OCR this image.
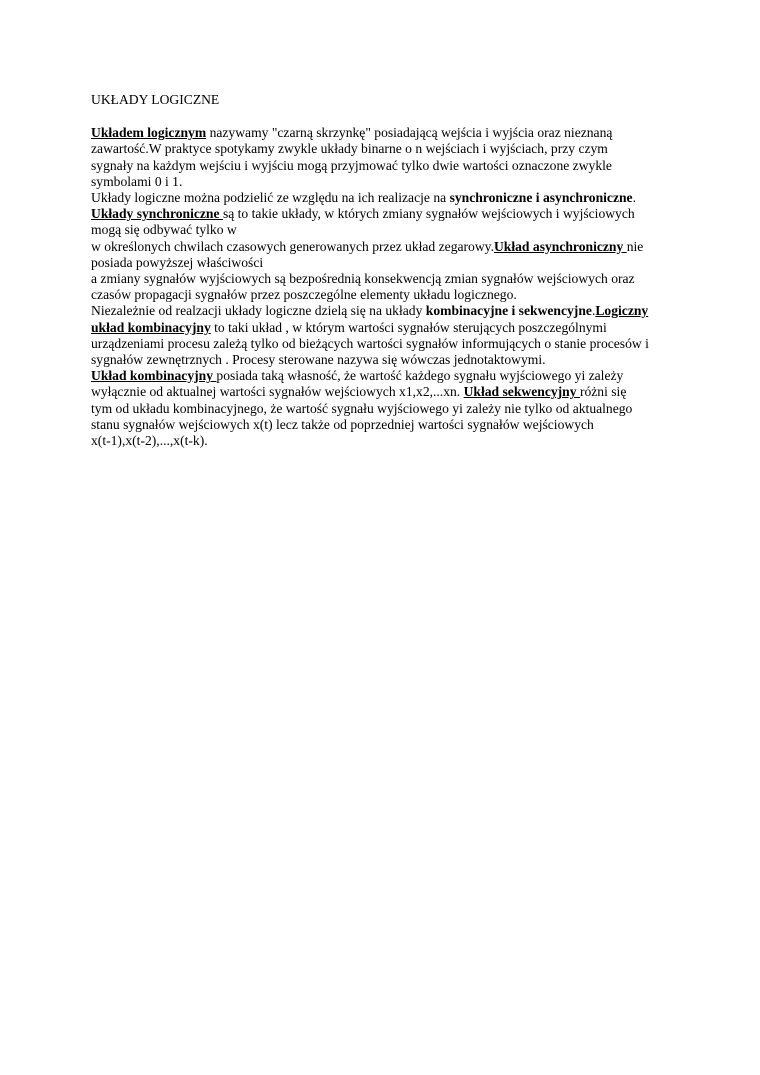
UKŁADY LOGICZNE
Układem logicznym nazywamy "czarną skrzynkę" posiadającą wejścia i wyjścia oraz nieznaną
zawartość.W praktyce spotykamy zwykle układy binarne o n wejściach i wyjściach, przy czym
sygnały na każdym wejściu i wyjściu mogą przyjmować tylko dwie wartości oznaczone zwykle
symbolami 0 i 1.
Układy logiczne można podzielić ze względu na ich realizacje na synchroniczne i asynchroniczne.
Układy synchroniczne są to takie układy, w których zmiany sygnałów wejściowych i wyjściowych
mogą się odbywać tylko w
w określonych chwilach czasowych generowanych przez układ zegarowy.Układ asynchroniczny nie
posiada powyższej właściwości
a zmiany sygnałów wyjściowych są bezpośrednią konsekwencją zmian sygnałów wejściowych oraz
czasów propagacji sygnałów przez poszczególne elementy układu logicznego.
Niezależnie od realzacji układy logiczne dzielą się na układy kombinacyjne i sekwencyjne.Logiczny
układ kombinacyjny to taki układ , w którym wartości sygnałów sterujących poszczególnymi
urządzeniami procesu zależą tylko od bieżących wartości sygnałów informujących o stanie procesów i
sygnałów zewnętrznych . Procesy sterowane nazywa się wówczas jednotaktowymi.
Układ kombinacyjny posiada taką własność, że wartość każdego sygnału wyjściowego yi zależy
wyłącznie od aktualnej wartości sygnałów wejściowych x1,x2,...xn. Układ sekwencyjny różni się
tym od układu kombinacyjnego, że wartość sygnału wyjściowego yi zależy nie tylko od aktualnego
stanu sygnałów wejściowych x(t) lecz także od poprzedniej wartości sygnałów wejściowych
x(t-1),x(t-2),...,x(t-k).
